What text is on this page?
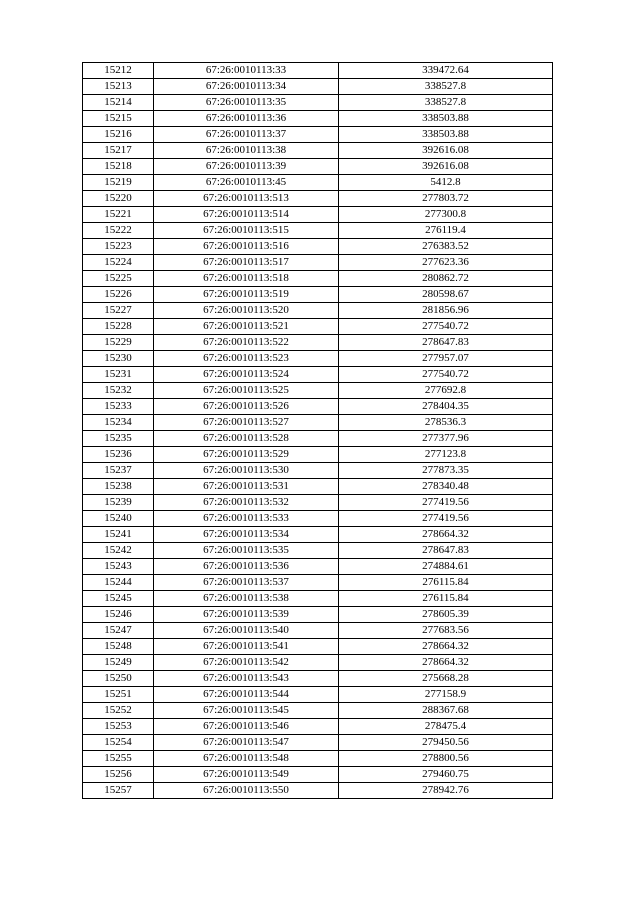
15212	67:26:0010113:33	339472.64
15213	67:26:0010113:34	338527.8
15214	67:26:0010113:35	338527.8
15215	67:26:0010113:36	338503.88
15216	67:26:0010113:37	338503.88
15217	67:26:0010113:38	392616.08
15218	67:26:0010113:39	392616.08
15219	67:26:0010113:45	5412.8
15220	67:26:0010113:513	277803.72
15221	67:26:0010113:514	277300.8
15222	67:26:0010113:515	276119.4
15223	67:26:0010113:516	276383.52
15224	67:26:0010113:517	277623.36
15225	67:26:0010113:518	280862.72
15226	67:26:0010113:519	280598.67
15227	67:26:0010113:520	281856.96
15228	67:26:0010113:521	277540.72
15229	67:26:0010113:522	278647.83
15230	67:26:0010113:523	277957.07
15231	67:26:0010113:524	277540.72
15232	67:26:0010113:525	277692.8
15233	67:26:0010113:526	278404.35
15234	67:26:0010113:527	278536.3
15235	67:26:0010113:528	277377.96
15236	67:26:0010113:529	277123.8
15237	67:26:0010113:530	277873.35
15238	67:26:0010113:531	278340.48
15239	67:26:0010113:532	277419.56
15240	67:26:0010113:533	277419.56
15241	67:26:0010113:534	278664.32
15242	67:26:0010113:535	278647.83
15243	67:26:0010113:536	274884.61
15244	67:26:0010113:537	276115.84
15245	67:26:0010113:538	276115.84
15246	67:26:0010113:539	278605.39
15247	67:26:0010113:540	277683.56
15248	67:26:0010113:541	278664.32
15249	67:26:0010113:542	278664.32
15250	67:26:0010113:543	275668.28
15251	67:26:0010113:544	277158.9
15252	67:26:0010113:545	288367.68
15253	67:26:0010113:546	278475.4
15254	67:26:0010113:547	279450.56
15255	67:26:0010113:548	278800.56
15256	67:26:0010113:549	279460.75
15257	67:26:0010113:550	278942.76
